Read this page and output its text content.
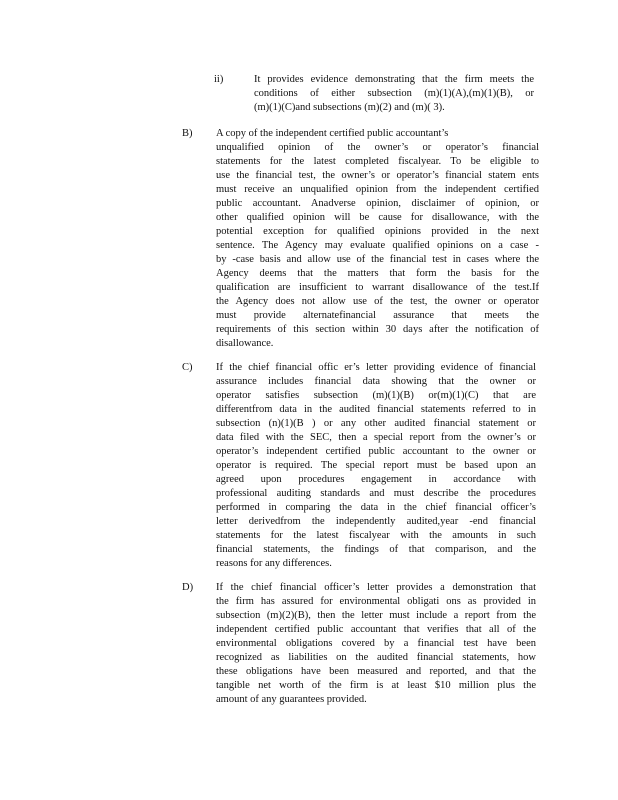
ii)	It provides evidence demonstrating that the firm meets the
conditions of either subsection (m)(1)(A),(m)(1)(B), or
(m)(1)(C)and subsections (m)(2) and (m)( 3).
B) A copy of the independent certified public accountant’s
unqualified opinion of the owner’s or operator’s financial
statements for the latest completed fiscalyear. To be eligible to
use the financial test, the owner’s or operator’s financial statem ents
must receive an unqualified opinion from the independent certified
public accountant. Anadverse opinion, disclaimer of opinion, or
other qualified opinion will be cause for disallowance, with the
potential exception for qualified opinions provided in the next
sentence. The Agency may evaluate qualified opinions on a case -
by -case basis and allow use of the financial test in cases where the
Agency deems that the matters that form the basis for the
qualification are insufficient to warrant disallowance of the test.If
the Agency does not allow use of the test, the owner or operator
must provide alternatefinancial assurance that meets the
requirements of this section within 30 days after the notification of
disallowance.
C) If the chief financial offic er’s letter providing evidence of financial
assurance includes financial data showing that the owner or
operator satisfies subsection (m)(1)(B) or(m)(1)(C) that are
differentfrom data in the audited financial statements referred to in
subsection (n)(1)(B ) or any other audited financial statement or
data filed with the SEC, then a special report from the owner’s or
operator’s independent certified public accountant to the owner or
operator is required. The special report must be based upon an
agreed upon procedures engagement in accordance with
professional auditing standards and must describe the procedures
performed in comparing the data in the chief financial officer’s
letter derivedfrom the independently audited,year -end financial
statements for the latest fiscalyear with the amounts in such
financial statements, the findings of that comparison, and the
reasons for any differences.
D) If the chief financial officer’s letter provides a demonstration that
the firm has assured for environmental obligati ons as provided in
subsection (m)(2)(B), then the letter must include a report from the
independent certified public accountant that verifies that all of the
environmental obligations covered by a financial test have been
recognized as liabilities on the audited financial statements, how
these obligations have been measured and reported, and that the
tangible net worth of the firm is at least $10 million plus the
amount of any guarantees provided.
